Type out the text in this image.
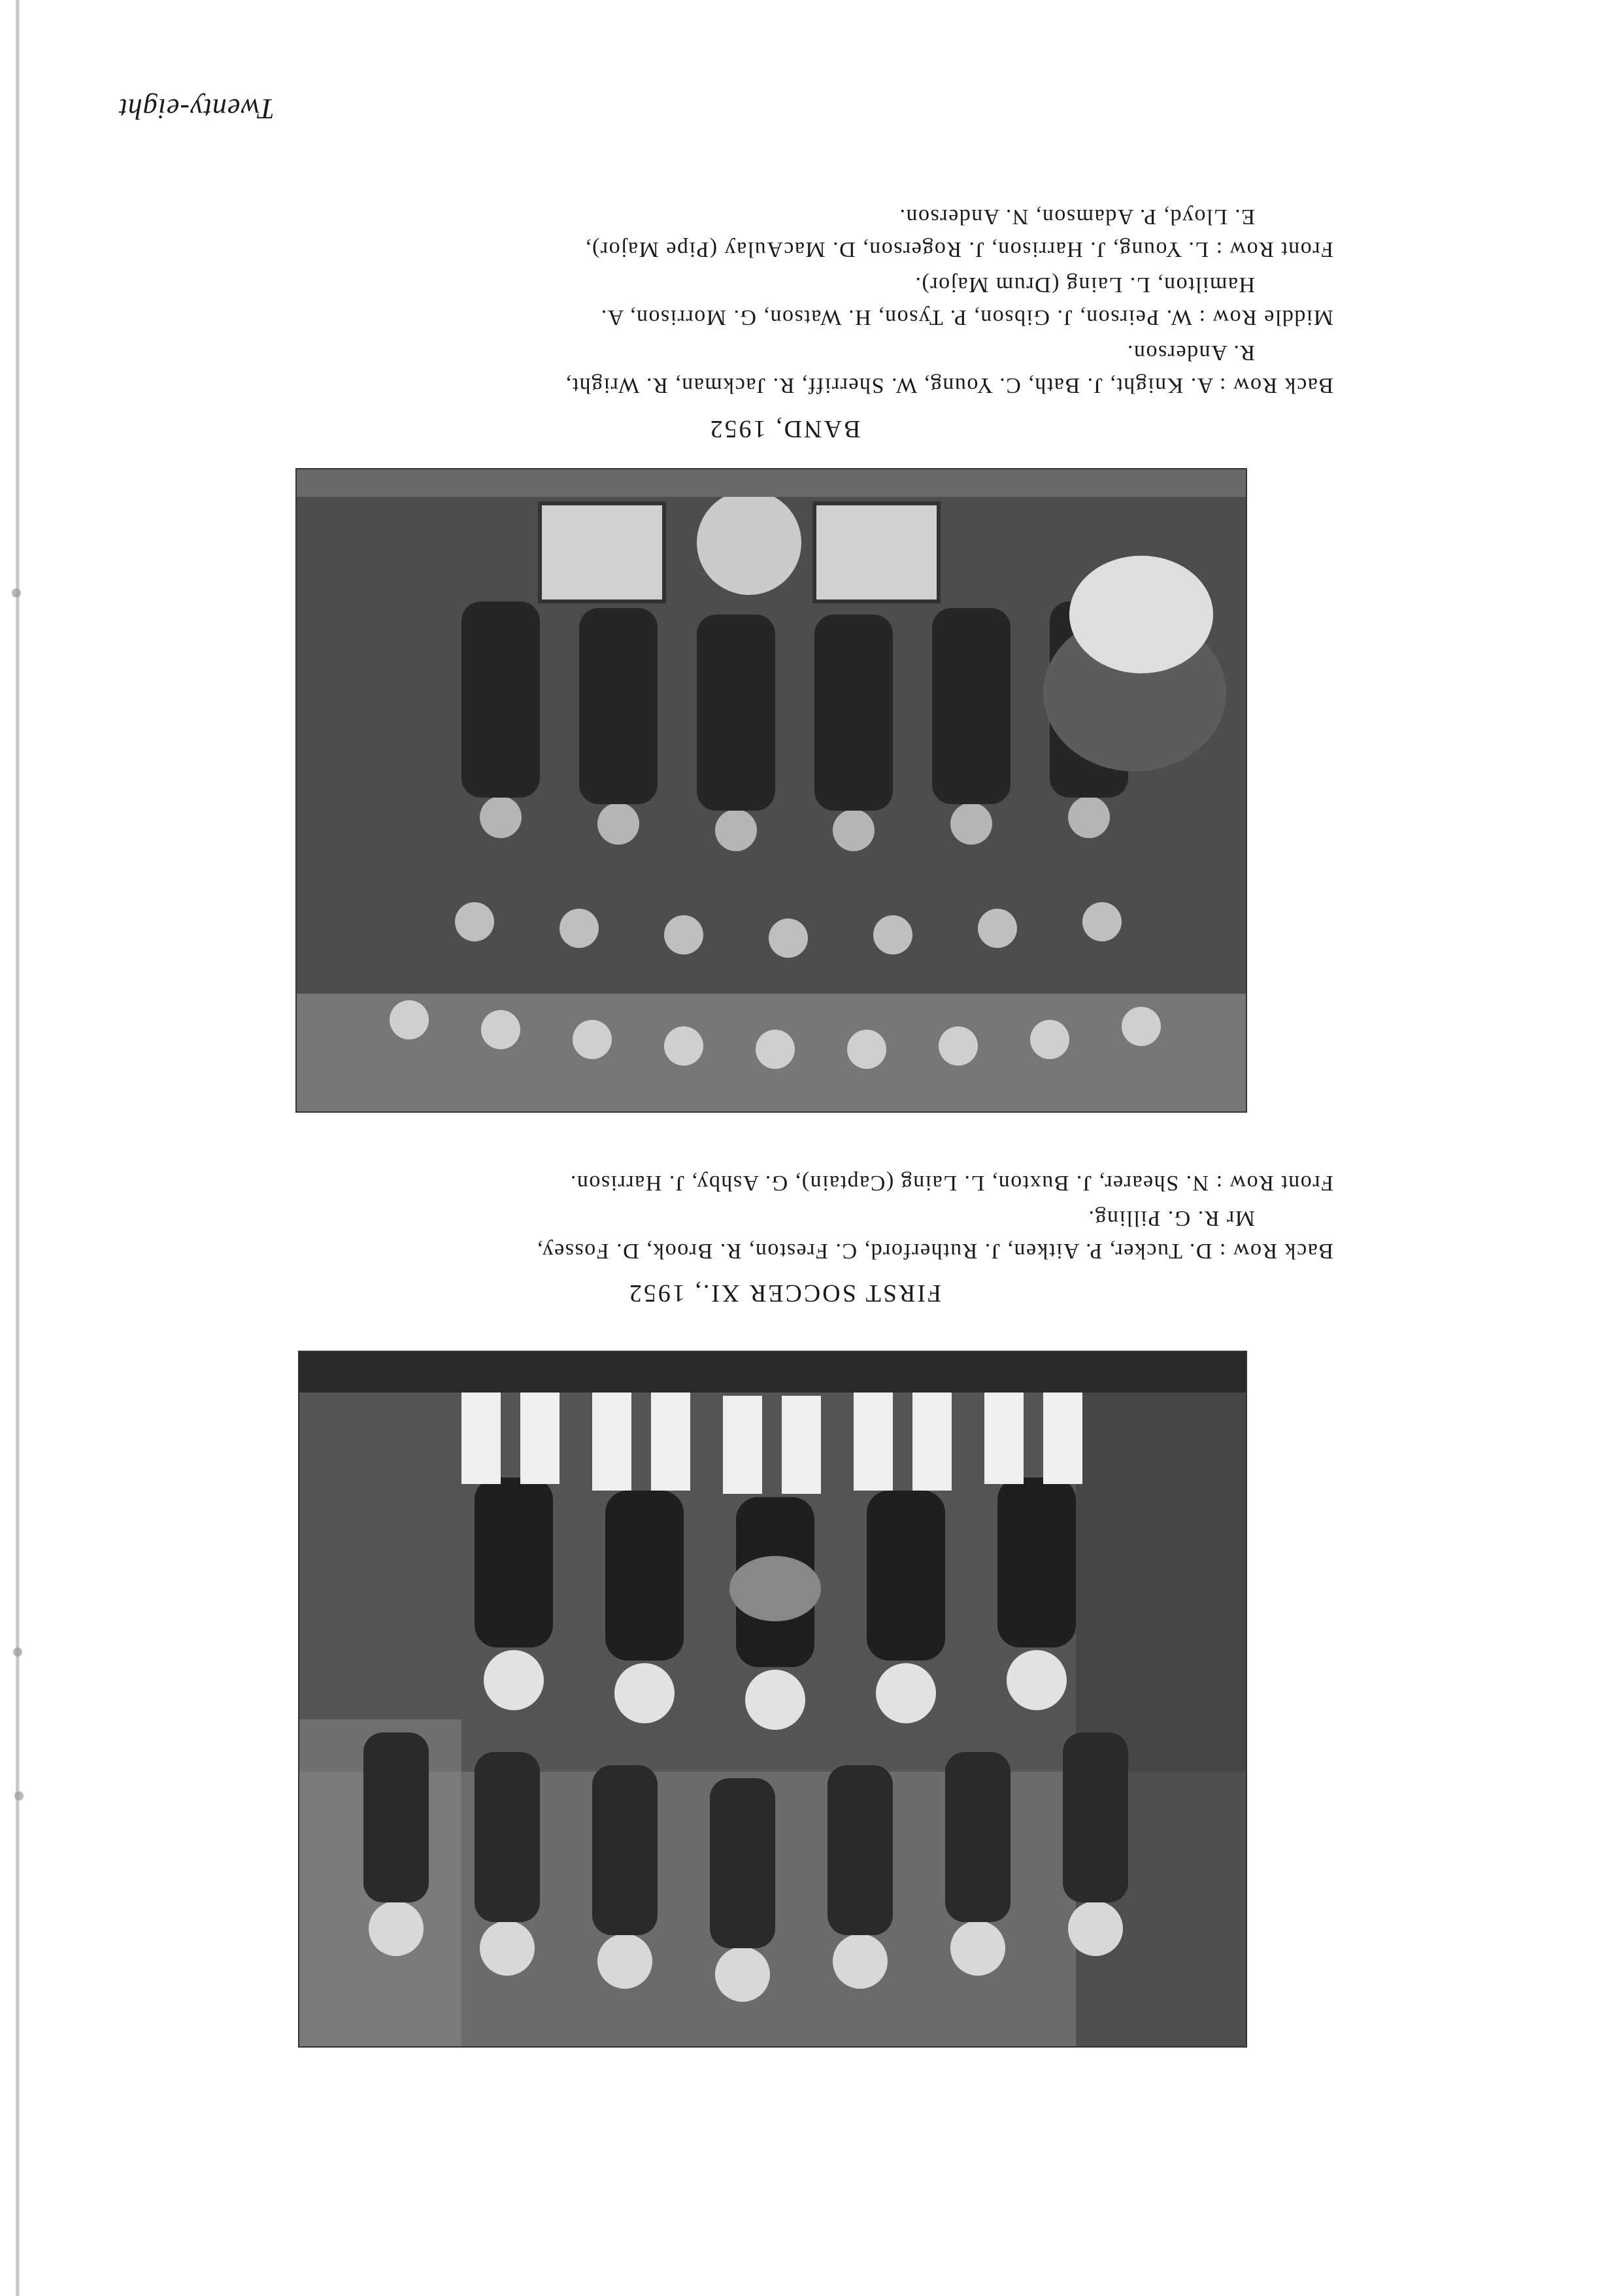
Twenty-eight
FIRST SOCCER XI., 1952
Back Row : D. Tucker, P. Aitken, J. Rutherford, C. Freston, R. Brook, D. Fossey,
Mr R. G. Pilling.
Front Row : N. Shearer, J. Buxton, L. Laing (Captain), G. Ashby, J. Harrison.
BAND, 1952
Back Row : A. Knight, J. Bath, C. Young, W. Sherriff, R. Jackman, R. Wright,
R. Anderson.
Middle Row : W. Peirson, J. Gibson, P. Tyson, H. Watson, G. Morrison, A.
Hamilton, L. Laing (Drum Major).
Front Row : L. Young, J. Harrison, J. Rogerson, D. MacAulay (Pipe Major),
E. Lloyd, P. Adamson, N. Anderson.
